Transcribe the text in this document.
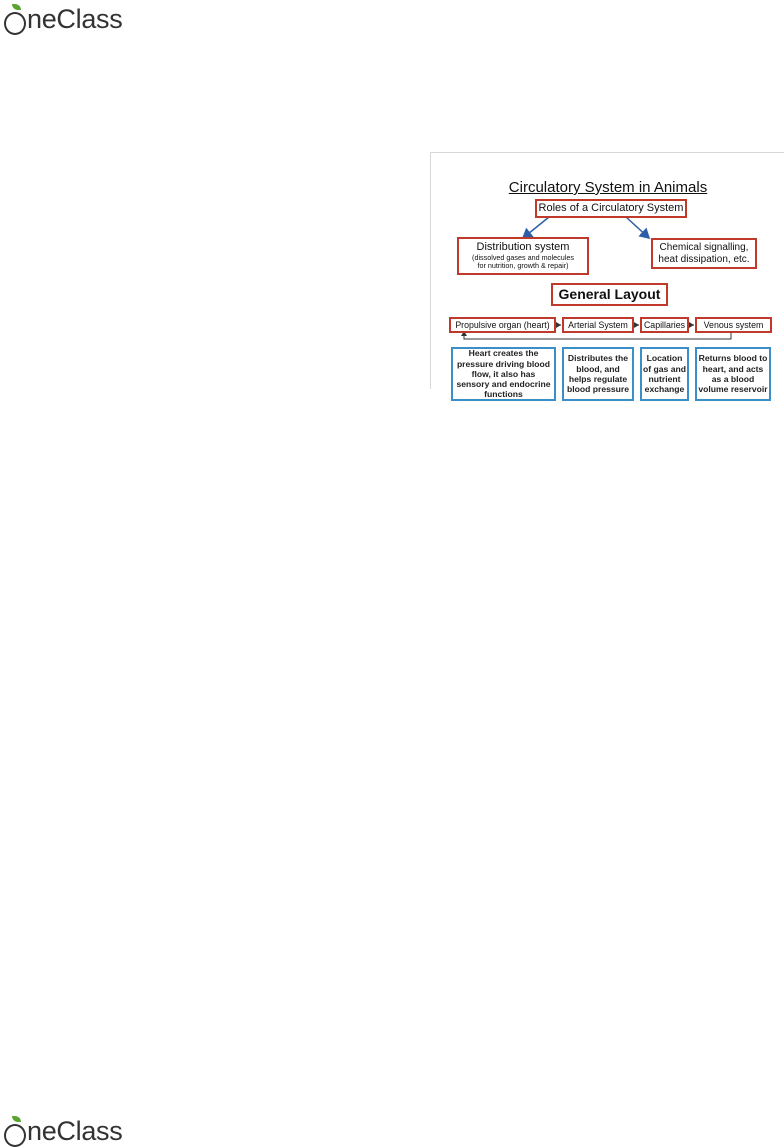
neClass
Circulatory System in Animals
Roles of a Circulatory System
Distribution system
(dissolved gases and molecules
for nutrition, growth & repair)
Chemical signalling,
heat dissipation, etc.
General Layout
Propulsive organ (heart) Arterial System Capillaries Venous system
Heart creates the pressure driving blood flow, it also has sensory and endocrine functions
Distributes the blood, and helps regulate blood pressure
Location of gas and nutrient exchange
Returns blood to heart, and acts as a blood volume reservoir
neClass
